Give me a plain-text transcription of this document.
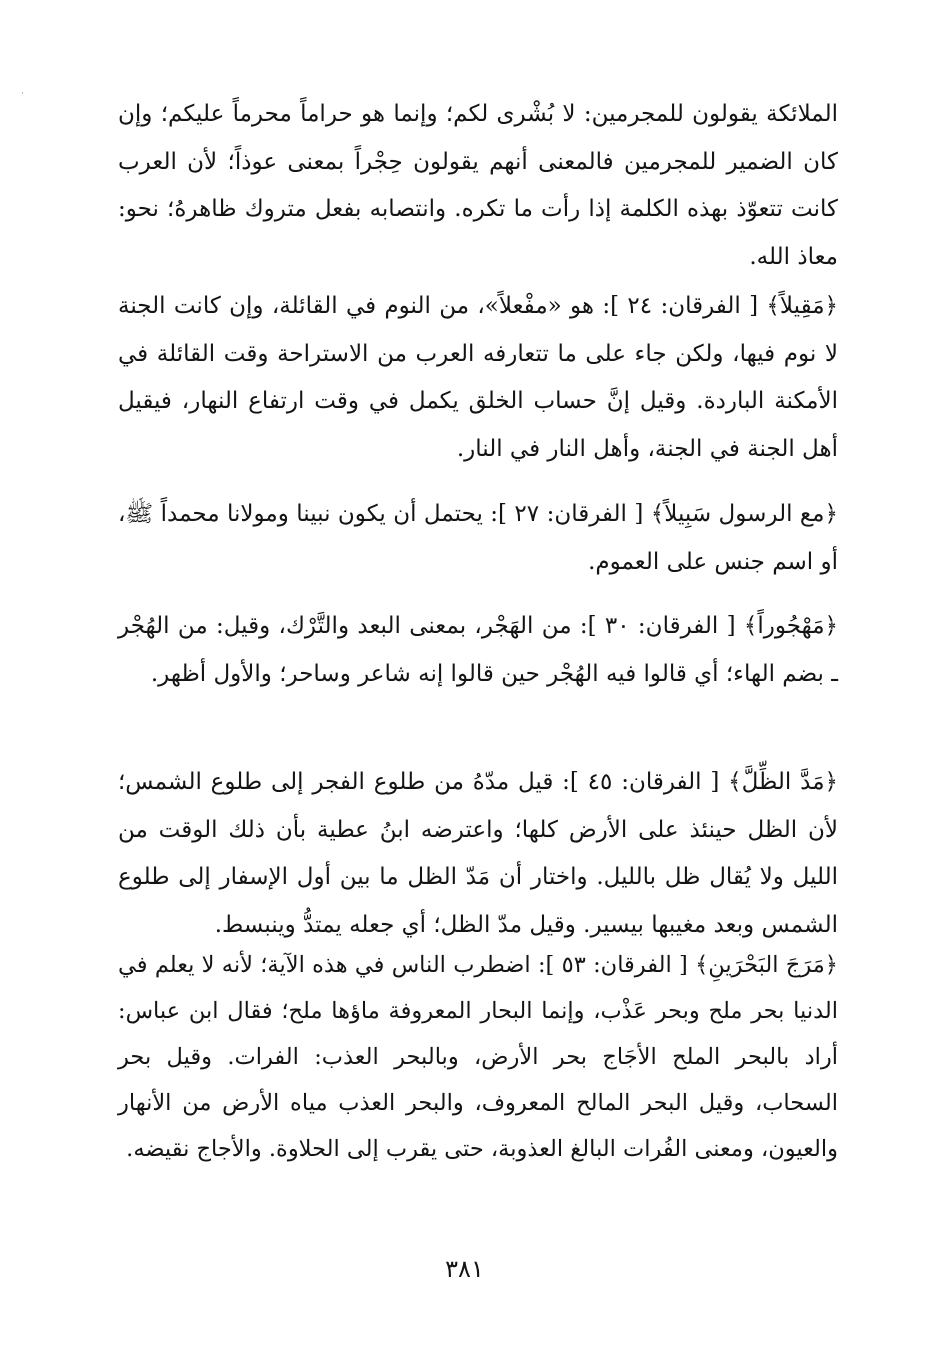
الملائكة يقولون للمجرمين: لا بُشْرى لكم؛ وإنما هو حراماً محرماً عليكم؛ وإن كان الضمير للمجرمين فالمعنى أنهم يقولون حِجْراً بمعنى عوذاً؛ لأن العرب كانت تتعوّذ بهذه الكلمة إذا رأت ما تكره. وانتصابه بفعل متروك ظاهرهُ؛ نحو: معاذ الله.

﴿مَقِيلاً﴾ [ الفرقان: ٢٤ ]: هو «مفْعلاً»، من النوم في القائلة، وإن كانت الجنة لا نوم فيها، ولكن جاء على ما تتعارفه العرب من الاستراحة وقت القائلة في الأمكنة الباردة. وقيل إنَّ حساب الخلق يكمل في وقت ارتفاع النهار، فيقيل أهل الجنة في الجنة، وأهل النار في النار.

﴿مع الرسول سَبِيلاً﴾ [ الفرقان: ٢٧ ]: يحتمل أن يكون نبينا ومولانا محمداً ﷺ، أو اسم جنس على العموم.

﴿مَهْجُوراً﴾ [ الفرقان: ٣٠ ]: من الهَجْر، بمعنى البعد والتَّرْك، وقيل: من الهُجْر ـ بضم الهاء؛ أي قالوا فيه الهُجْر حين قالوا إنه شاعر وساحر؛ والأول أظهر.

﴿مَدَّ الظِّلَّ﴾ [ الفرقان: ٤٥ ]: قيل مدّهُ من طلوع الفجر إلى طلوع الشمس؛ لأن الظل حينئذ على الأرض كلها؛ واعترضه ابنُ عطية بأن ذلك الوقت من الليل ولا يُقال ظل بالليل. واختار أن مَدّ الظل ما بين أول الإسفار إلى طلوع الشمس وبعد مغيبها بيسير. وقيل مدّ الظل؛ أي جعله يمتدُّ وينبسط.

﴿مَرَجَ البَحْرَينِ﴾ [ الفرقان: ٥٣ ]: اضطرب الناس في هذه الآية؛ لأنه لا يعلم في الدنيا بحر ملح وبحر عَذْب، وإنما البحار المعروفة ماؤها ملح؛ فقال ابن عباس: أراد بالبحر الملح الأجَاج بحر الأرض، وبالبحر العذب: الفرات. وقيل بحر السحاب، وقيل البحر المالح المعروف، والبحر العذب مياه الأرض من الأنهار والعيون، ومعنى الفُرات البالغ العذوبة، حتى يقرب إلى الحلاوة. والأجاج نقيضه.

٣٨١
